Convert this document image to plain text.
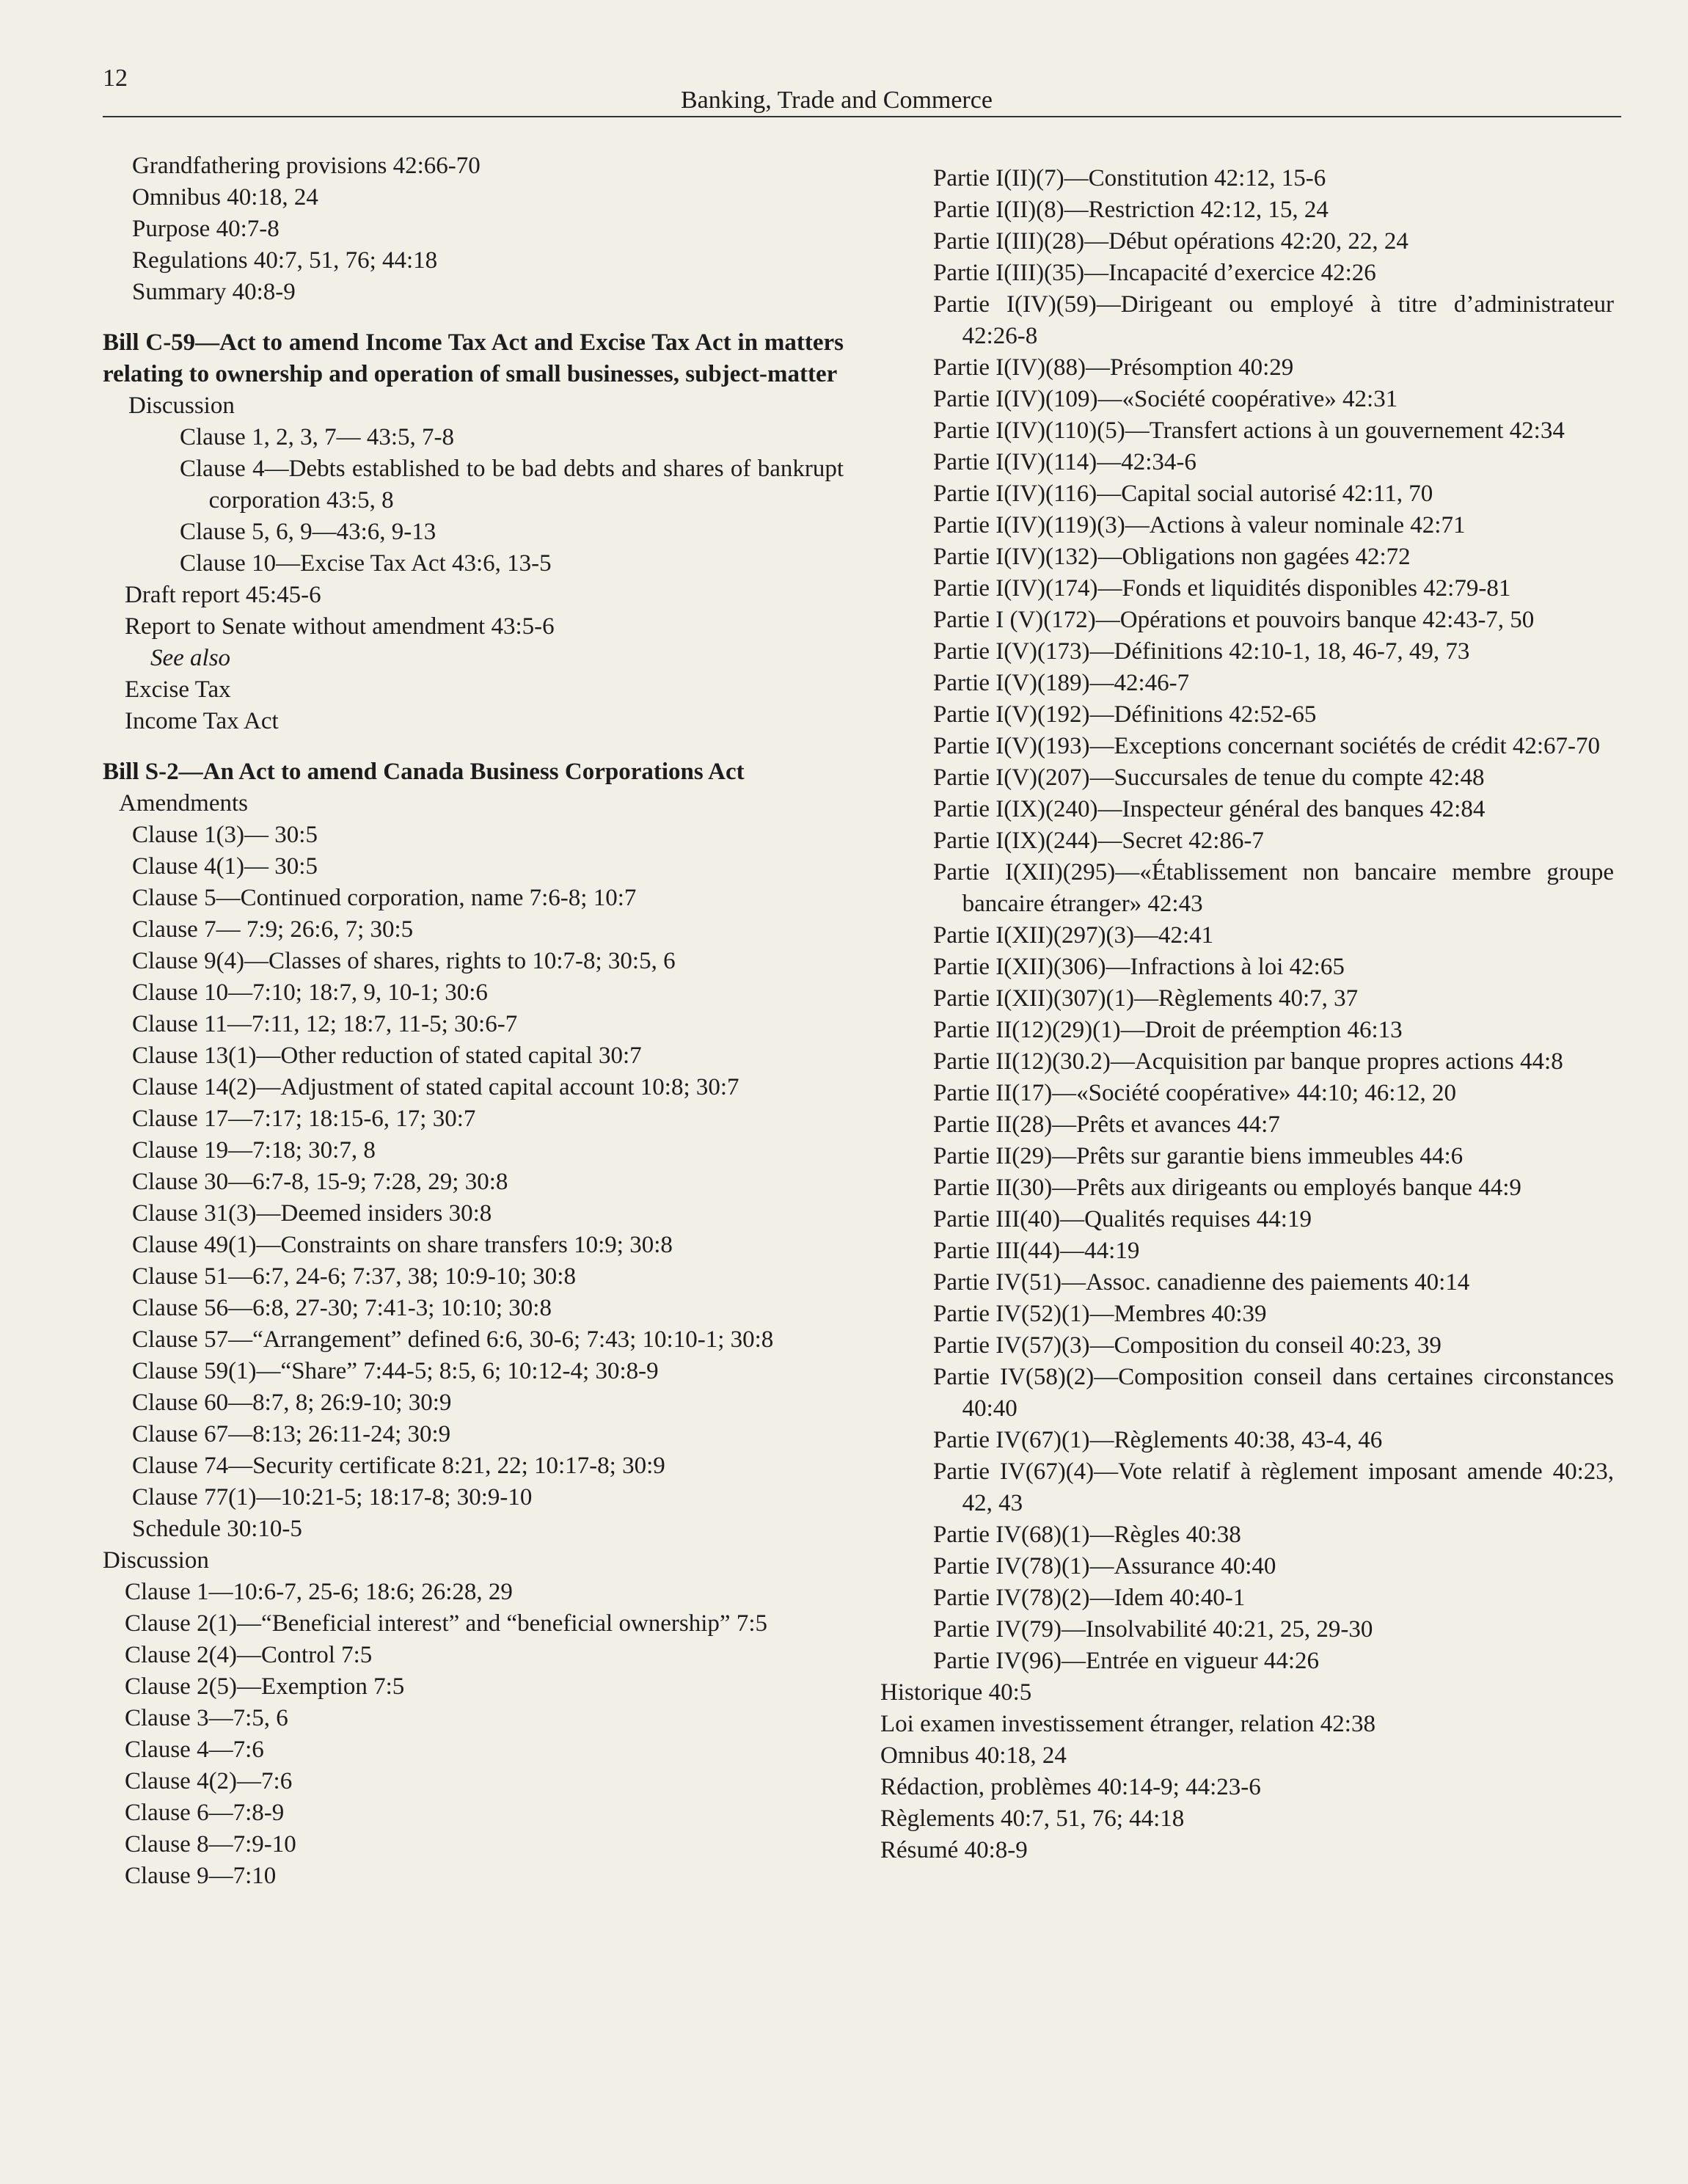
12
Banking, Trade and Commerce
Grandfathering provisions 42:66-70
Omnibus 40:18, 24
Purpose 40:7-8
Regulations 40:7, 51, 76; 44:18
Summary 40:8-9
Bill C-59—Act to amend Income Tax Act and Excise Tax Act in matters relating to ownership and operation of small businesses, subject-matter
Discussion
Clause 1, 2, 3, 7— 43:5, 7-8
Clause 4—Debts established to be bad debts and shares of bankrupt corporation 43:5, 8
Clause 5, 6, 9—43:6, 9-13
Clause 10—Excise Tax Act 43:6, 13-5
Draft report 45:45-6
Report to Senate without amendment 43:5-6
See also
Excise Tax
Income Tax Act
Bill S-2—An Act to amend Canada Business Corporations Act
Amendments
Clause 1(3)— 30:5
Clause 4(1)— 30:5
Clause 5—Continued corporation, name 7:6-8; 10:7
Clause 7— 7:9; 26:6, 7; 30:5
Clause 9(4)—Classes of shares, rights to 10:7-8; 30:5, 6
Clause 10—7:10; 18:7, 9, 10-1; 30:6
Clause 11—7:11, 12; 18:7, 11-5; 30:6-7
Clause 13(1)—Other reduction of stated capital 30:7
Clause 14(2)—Adjustment of stated capital account 10:8; 30:7
Clause 17—7:17; 18:15-6, 17; 30:7
Clause 19—7:18; 30:7, 8
Clause 30—6:7-8, 15-9; 7:28, 29; 30:8
Clause 31(3)—Deemed insiders 30:8
Clause 49(1)—Constraints on share transfers 10:9; 30:8
Clause 51—6:7, 24-6; 7:37, 38; 10:9-10; 30:8
Clause 56—6:8, 27-30; 7:41-3; 10:10; 30:8
Clause 57—“Arrangement” defined 6:6, 30-6; 7:43; 10:10-1; 30:8
Clause 59(1)—“Share” 7:44-5; 8:5, 6; 10:12-4; 30:8-9
Clause 60—8:7, 8; 26:9-10; 30:9
Clause 67—8:13; 26:11-24; 30:9
Clause 74—Security certificate 8:21, 22; 10:17-8; 30:9
Clause 77(1)—10:21-5; 18:17-8; 30:9-10
Schedule 30:10-5
Discussion
Clause 1—10:6-7, 25-6; 18:6; 26:28, 29
Clause 2(1)—“Beneficial interest” and “beneficial ownership” 7:5
Clause 2(4)—Control 7:5
Clause 2(5)—Exemption 7:5
Clause 3—7:5, 6
Clause 4—7:6
Clause 4(2)—7:6
Clause 6—7:8-9
Clause 8—7:9-10
Clause 9—7:10
Partie I(II)(7)—Constitution 42:12, 15-6
Partie I(II)(8)—Restriction 42:12, 15, 24
Partie I(III)(28)—Début opérations 42:20, 22, 24
Partie I(III)(35)—Incapacité d’exercice 42:26
Partie I(IV)(59)—Dirigeant ou employé à titre d’administrateur 42:26-8
Partie I(IV)(88)—Présomption 40:29
Partie I(IV)(109)—«Société coopérative» 42:31
Partie I(IV)(110)(5)—Transfert actions à un gouvernement 42:34
Partie I(IV)(114)—42:34-6
Partie I(IV)(116)—Capital social autorisé 42:11, 70
Partie I(IV)(119)(3)—Actions à valeur nominale 42:71
Partie I(IV)(132)—Obligations non gagées 42:72
Partie I(IV)(174)—Fonds et liquidités disponibles 42:79-81
Partie I (V)(172)—Opérations et pouvoirs banque 42:43-7, 50
Partie I(V)(173)—Définitions 42:10-1, 18, 46-7, 49, 73
Partie I(V)(189)—42:46-7
Partie I(V)(192)—Définitions 42:52-65
Partie I(V)(193)—Exceptions concernant sociétés de crédit 42:67-70
Partie I(V)(207)—Succursales de tenue du compte 42:48
Partie I(IX)(240)—Inspecteur général des banques 42:84
Partie I(IX)(244)—Secret 42:86-7
Partie I(XII)(295)—«Établissement non bancaire membre groupe bancaire étranger» 42:43
Partie I(XII)(297)(3)—42:41
Partie I(XII)(306)—Infractions à loi 42:65
Partie I(XII)(307)(1)—Règlements 40:7, 37
Partie II(12)(29)(1)—Droit de préemption 46:13
Partie II(12)(30.2)—Acquisition par banque propres actions 44:8
Partie II(17)—«Société coopérative» 44:10; 46:12, 20
Partie II(28)—Prêts et avances 44:7
Partie II(29)—Prêts sur garantie biens immeubles 44:6
Partie II(30)—Prêts aux dirigeants ou employés banque 44:9
Partie III(40)—Qualités requises 44:19
Partie III(44)—44:19
Partie IV(51)—Assoc. canadienne des paiements 40:14
Partie IV(52)(1)—Membres 40:39
Partie IV(57)(3)—Composition du conseil 40:23, 39
Partie IV(58)(2)—Composition conseil dans certaines circonstances 40:40
Partie IV(67)(1)—Règlements 40:38, 43-4, 46
Partie IV(67)(4)—Vote relatif à règlement imposant amende 40:23, 42, 43
Partie IV(68)(1)—Règles 40:38
Partie IV(78)(1)—Assurance 40:40
Partie IV(78)(2)—Idem 40:40-1
Partie IV(79)—Insolvabilité 40:21, 25, 29-30
Partie IV(96)—Entrée en vigueur 44:26
Historique 40:5
Loi examen investissement étranger, relation 42:38
Omnibus 40:18, 24
Rédaction, problèmes 40:14-9; 44:23-6
Règlements 40:7, 51, 76; 44:18
Résumé 40:8-9
